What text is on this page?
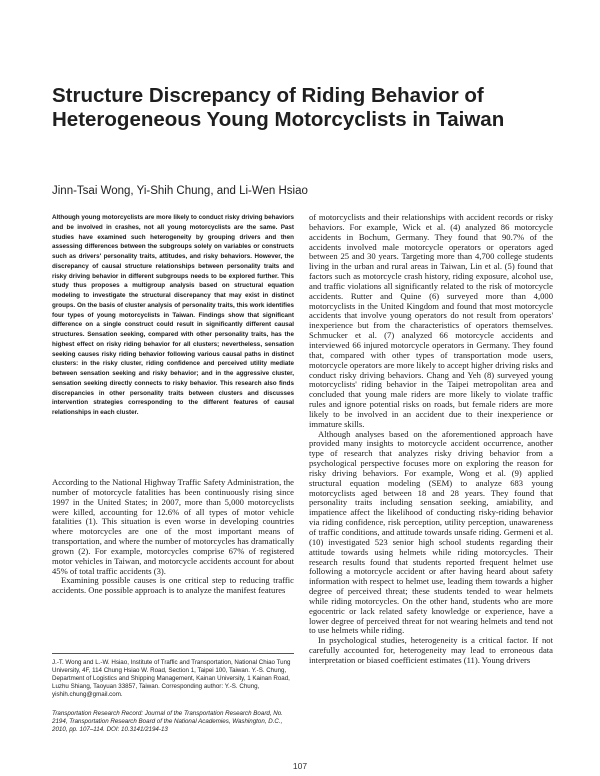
Structure Discrepancy of Riding Behavior of Heterogeneous Young Motorcyclists in Taiwan
Jinn-Tsai Wong, Yi-Shih Chung, and Li-Wen Hsiao

Although young motorcyclists are more likely to conduct risky driving behaviors and be involved in crashes, not all young motorcyclists are the same. Past studies have examined such heterogeneity by grouping drivers and then assessing differences between the subgroups solely on variables or constructs such as drivers' personality traits, attitudes, and risky behaviors. However, the discrepancy of causal structure relationships between personality traits and risky driving behavior in different subgroups needs to be explored further. This study thus proposes a multigroup analysis based on structural equation modeling to investigate the structural discrepancy that may exist in distinct groups. On the basis of cluster analysis of personality traits, this work identifies four types of young motorcyclists in Taiwan. Findings show that significant difference on a single construct could result in significantly different causal structures. Sensation seeking, compared with other personality traits, has the highest effect on risky riding behavior for all clusters; nevertheless, sensation seeking causes risky riding behavior following various causal paths in distinct clusters: in the risky cluster, riding confidence and perceived utility mediate between sensation seeking and risky behavior; and in the aggressive cluster, sensation seeking directly connects to risky behavior. This research also finds discrepancies in other personality traits between clusters and discusses intervention strategies corresponding to the different features of causal relationships in each cluster.

According to the National Highway Traffic Safety Administration, the number of motorcycle fatalities has been continuously rising since 1997 in the United States; in 2007, more than 5,000 motorcyclists were killed, accounting for 12.6% of all types of motor vehicle fatalities (1). This situation is even worse in developing countries where motorcycles are one of the most important means of transportation, and where the number of motorcycles has dramatically grown (2). For example, motorcycles comprise 67% of registered motor vehicles in Taiwan, and motorcycle accidents account for about 45% of total traffic accidents (3).

Examining possible causes is one critical step to reducing traffic accidents. One possible approach is to analyze the manifest features

J.-T. Wong and L.-W. Hsiao, Institute of Traffic and Transportation, National Chiao Tung University, 4F, 114 Chung Hsiao W. Road, Section 1, Taipei 100, Taiwan. Y.-S. Chung, Department of Logistics and Shipping Management, Kainan University, 1 Kainan Road, Luzhu Shiang, Taoyuan 33857, Taiwan. Corresponding author: Y.-S. Chung, yishih.chung@gmail.com.

Transportation Research Record: Journal of the Transportation Research Board, No. 2194, Transportation Research Board of the National Academies, Washington, D.C., 2010, pp. 107–114. DOI: 10.3141/2194-13

of motorcyclists and their relationships with accident records or risky behaviors. For example, Wick et al. (4) analyzed 86 motorcycle accidents in Bochum, Germany. They found that 90.7% of the accidents involved male motorcycle operators or operators aged between 25 and 30 years. Targeting more than 4,700 college students living in the urban and rural areas in Taiwan, Lin et al. (5) found that factors such as motorcycle crash history, riding exposure, alcohol use, and traffic violations all significantly related to the risk of motorcycle accidents. Rutter and Quine (6) surveyed more than 4,000 motorcyclists in the United Kingdom and found that most motorcycle accidents that involve young operators do not result from operators' inexperience but from the characteristics of operators themselves. Schmucker et al. (7) analyzed 66 motorcycle accidents and interviewed 66 injured motorcycle operators in Germany. They found that, compared with other types of transportation mode users, motorcycle operators are more likely to accept higher driving risks and conduct risky driving behaviors. Chang and Yeh (8) surveyed young motorcyclists' riding behavior in the Taipei metropolitan area and concluded that young male riders are more likely to violate traffic rules and ignore potential risks on roads, but female riders are more likely to be involved in an accident due to their inexperience or immature skills.

Although analyses based on the aforementioned approach have provided many insights to motorcycle accident occurrence, another type of research that analyzes risky driving behavior from a psychological perspective focuses more on exploring the reason for risky driving behaviors. For example, Wong et al. (9) applied structural equation modeling (SEM) to analyze 683 young motorcyclists aged between 18 and 28 years. They found that personality traits including sensation seeking, amiability, and impatience affect the likelihood of conducting risky-riding behavior via riding confidence, risk perception, utility perception, unawareness of traffic conditions, and attitude towards unsafe riding. Germeni et al. (10) investigated 523 senior high school students regarding their attitude towards using helmets while riding motorcycles. Their research results found that students reported frequent helmet use following a motorcycle accident or after having heard about safety information with respect to helmet use, leading them towards a higher degree of perceived threat; these students tended to wear helmets while riding motorcycles. On the other hand, students who are more egocentric or lack related safety knowledge or experience, have a lower degree of perceived threat for not wearing helmets and tend not to use helmets while riding.

In psychological studies, heterogeneity is a critical factor. If not carefully accounted for, heterogeneity may lead to erroneous data interpretation or biased coefficient estimates (11). Young drivers

107
